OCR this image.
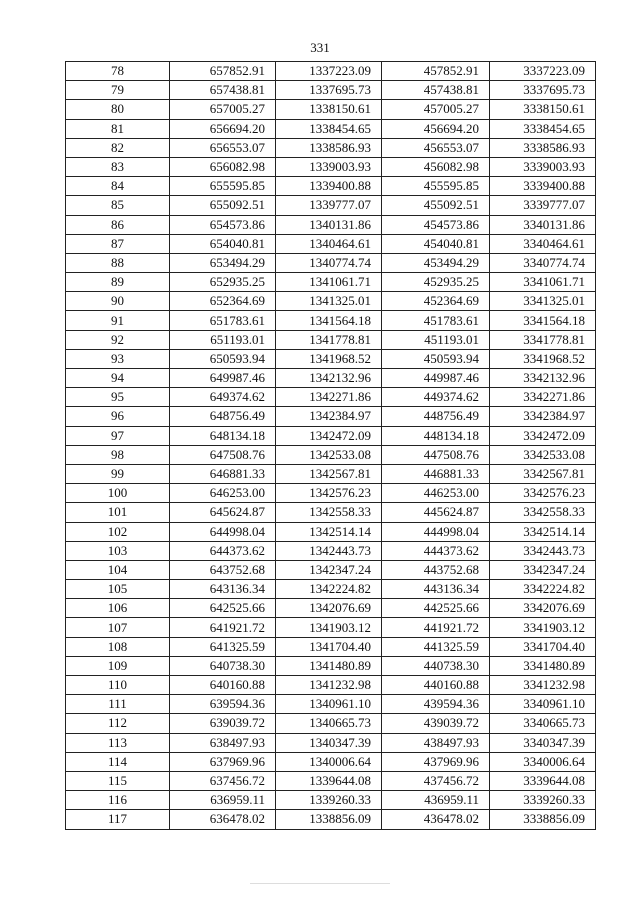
331
78	657852.91	1337223.09	457852.91	3337223.09
79	657438.81	1337695.73	457438.81	3337695.73
80	657005.27	1338150.61	457005.27	3338150.61
81	656694.20	1338454.65	456694.20	3338454.65
82	656553.07	1338586.93	456553.07	3338586.93
83	656082.98	1339003.93	456082.98	3339003.93
84	655595.85	1339400.88	455595.85	3339400.88
85	655092.51	1339777.07	455092.51	3339777.07
86	654573.86	1340131.86	454573.86	3340131.86
87	654040.81	1340464.61	454040.81	3340464.61
88	653494.29	1340774.74	453494.29	3340774.74
89	652935.25	1341061.71	452935.25	3341061.71
90	652364.69	1341325.01	452364.69	3341325.01
91	651783.61	1341564.18	451783.61	3341564.18
92	651193.01	1341778.81	451193.01	3341778.81
93	650593.94	1341968.52	450593.94	3341968.52
94	649987.46	1342132.96	449987.46	3342132.96
95	649374.62	1342271.86	449374.62	3342271.86
96	648756.49	1342384.97	448756.49	3342384.97
97	648134.18	1342472.09	448134.18	3342472.09
98	647508.76	1342533.08	447508.76	3342533.08
99	646881.33	1342567.81	446881.33	3342567.81
100	646253.00	1342576.23	446253.00	3342576.23
101	645624.87	1342558.33	445624.87	3342558.33
102	644998.04	1342514.14	444998.04	3342514.14
103	644373.62	1342443.73	444373.62	3342443.73
104	643752.68	1342347.24	443752.68	3342347.24
105	643136.34	1342224.82	443136.34	3342224.82
106	642525.66	1342076.69	442525.66	3342076.69
107	641921.72	1341903.12	441921.72	3341903.12
108	641325.59	1341704.40	441325.59	3341704.40
109	640738.30	1341480.89	440738.30	3341480.89
110	640160.88	1341232.98	440160.88	3341232.98
111	639594.36	1340961.10	439594.36	3340961.10
112	639039.72	1340665.73	439039.72	3340665.73
113	638497.93	1340347.39	438497.93	3340347.39
114	637969.96	1340006.64	437969.96	3340006.64
115	637456.72	1339644.08	437456.72	3339644.08
116	636959.11	1339260.33	436959.11	3339260.33
117	636478.02	1338856.09	436478.02	3338856.09
